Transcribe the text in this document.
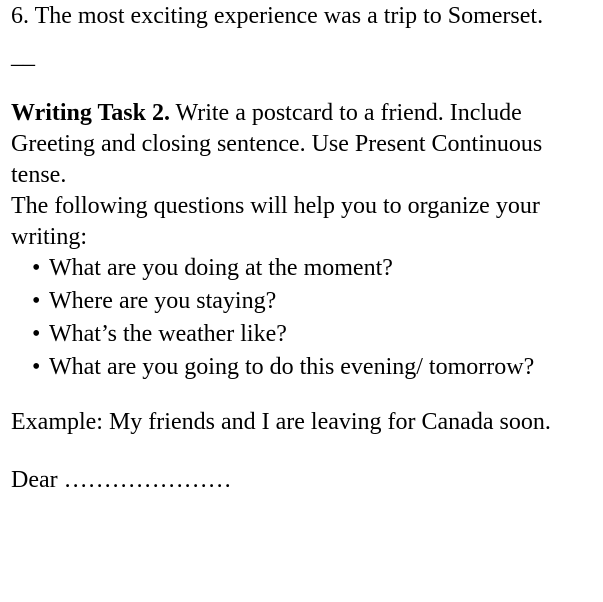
6. The most exciting experience was a trip to Somerset.
__
Writing Task 2. Write a postcard to a friend. Include Greeting and closing sentence. Use Present Continuous tense.
The following questions will help you to organize your writing:
• What are you doing at the moment?
• Where are you staying?
• What’s the weather like?
• What are you going to do this evening/ tomorrow?
Example: My friends and I are leaving for Canada soon.
Dear …………………
